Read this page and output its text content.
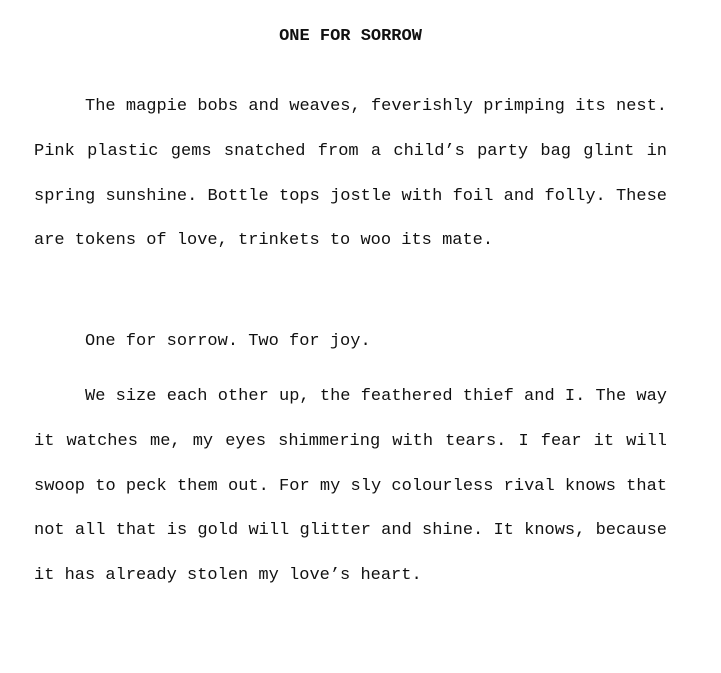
ONE FOR SORROW

The magpie bobs and weaves, feverishly primping its nest. Pink plastic gems snatched from a child’s party bag glint in spring sunshine. Bottle tops jostle with foil and folly. These are tokens of love, trinkets to woo its mate.

One for sorrow. Two for joy.

We size each other up, the feathered thief and I. The way it watches me, my eyes shimmering with tears. I fear it will swoop to peck them out. For my sly colourless rival knows that not all that is gold will glitter and shine. It knows, because it has already stolen my love’s heart.
